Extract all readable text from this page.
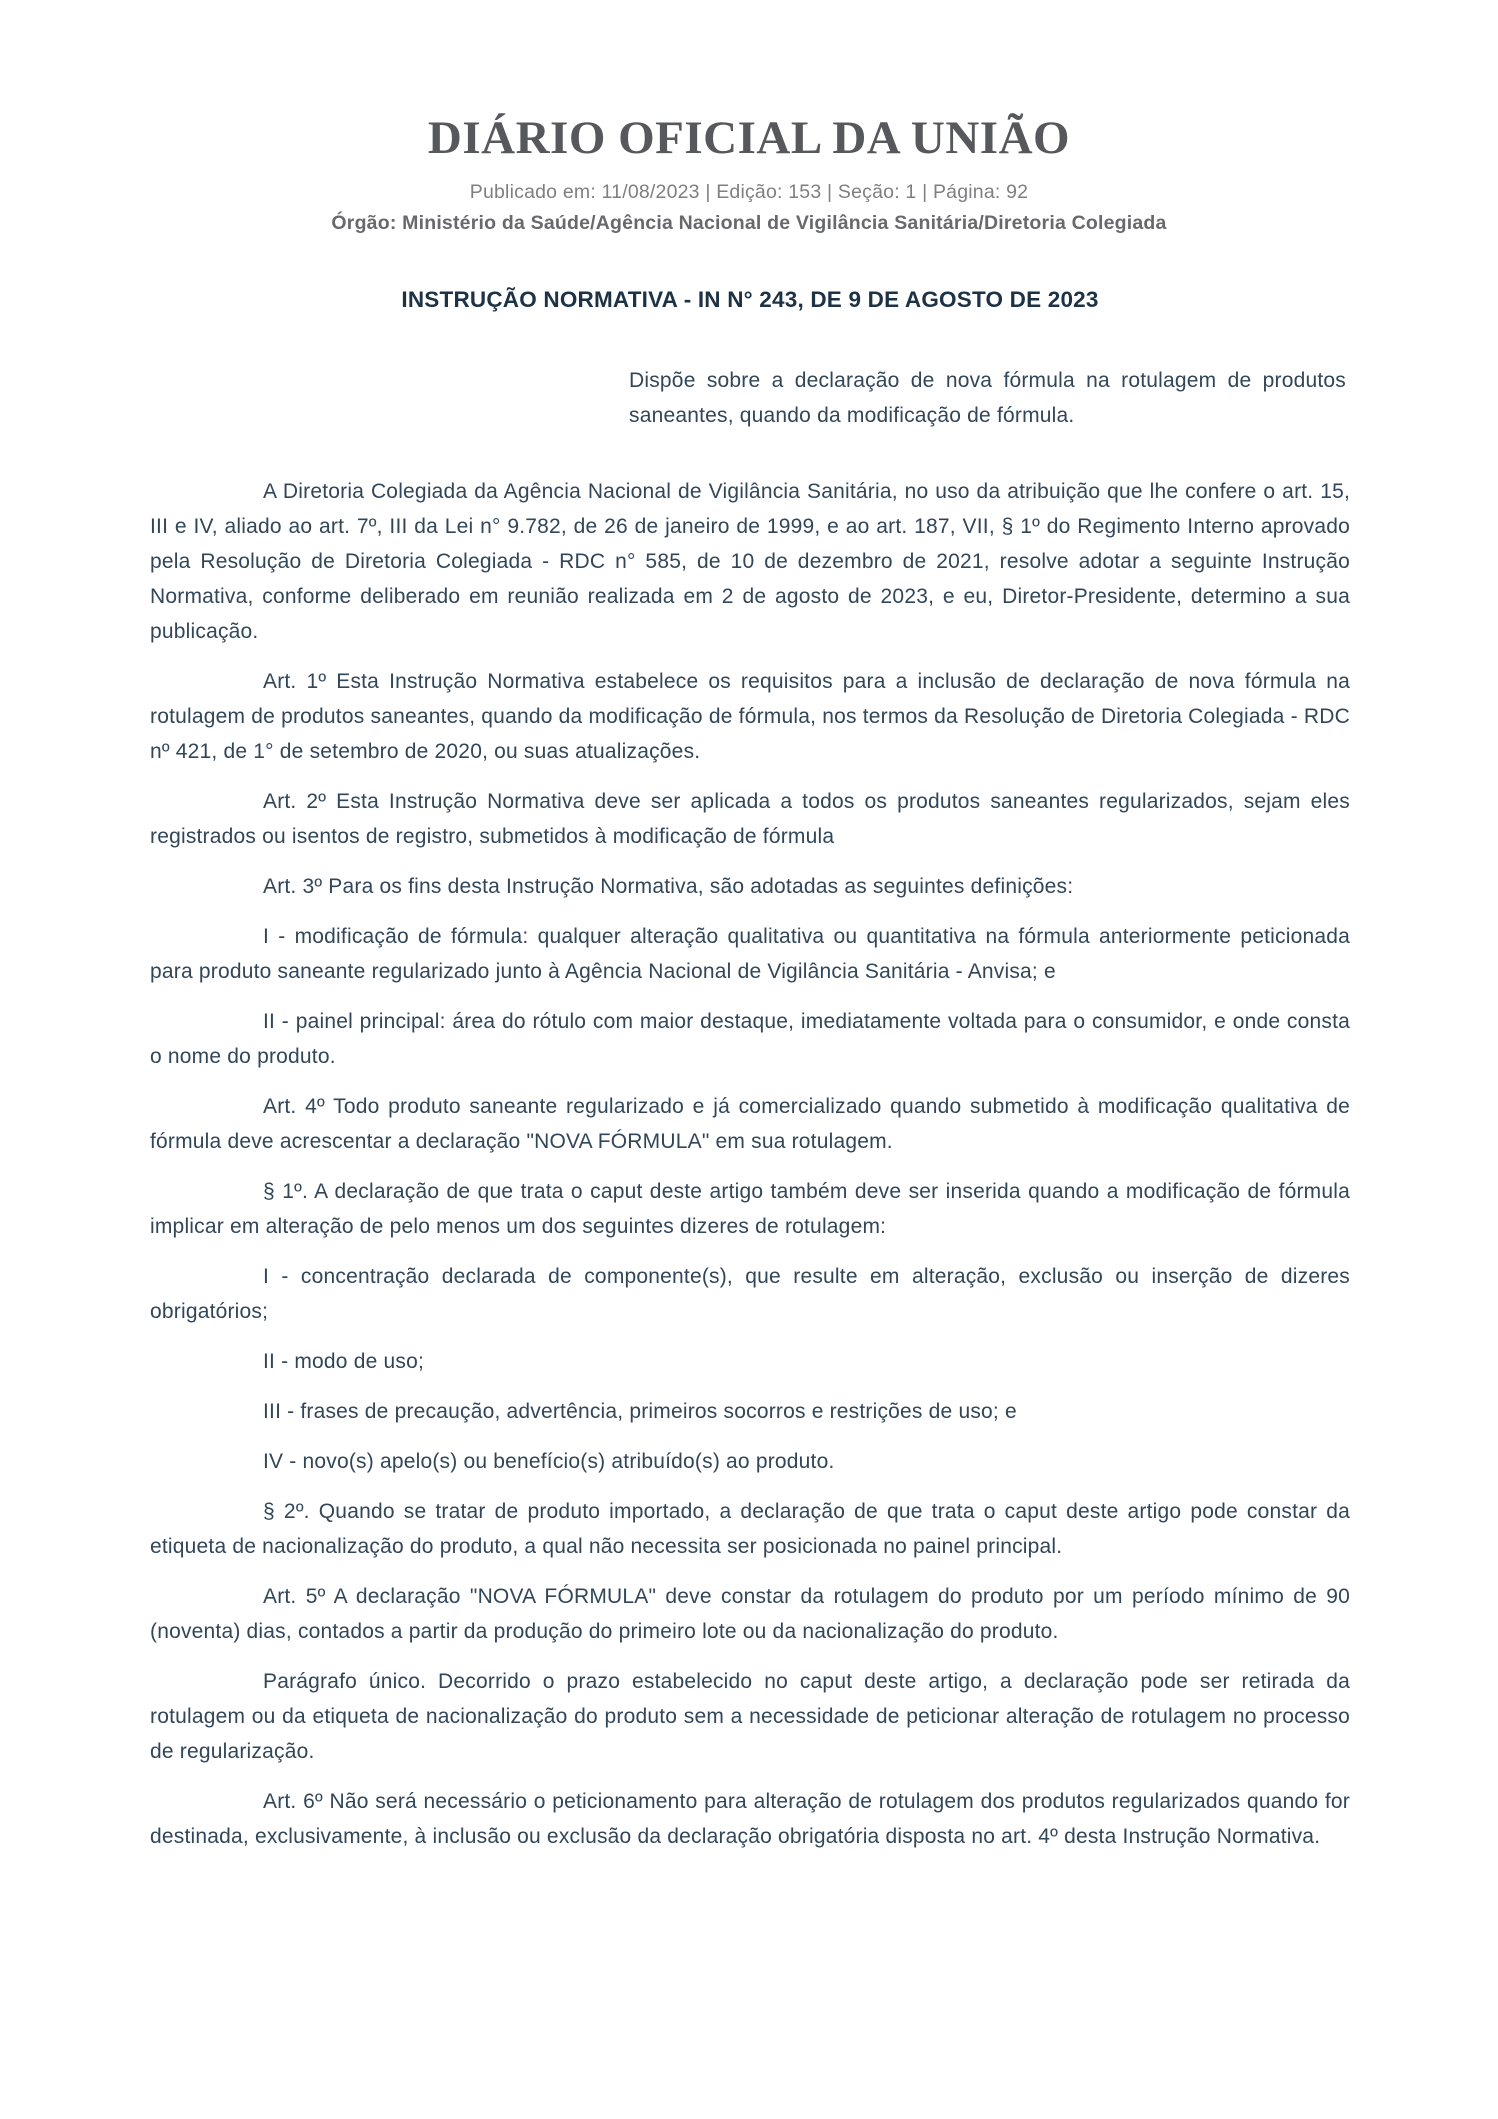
DIÁRIO OFICIAL DA UNIÃO
Publicado em: 11/08/2023 | Edição: 153 | Seção: 1 | Página: 92
Órgão: Ministério da Saúde/Agência Nacional de Vigilância Sanitária/Diretoria Colegiada
INSTRUÇÃO NORMATIVA - IN N° 243, DE 9 DE AGOSTO DE 2023

Dispõe sobre a declaração de nova fórmula na rotulagem de produtos saneantes, quando da modificação de fórmula.

A Diretoria Colegiada da Agência Nacional de Vigilância Sanitária, no uso da atribuição que lhe confere o art. 15, III e IV, aliado ao art. 7º, III da Lei n° 9.782, de 26 de janeiro de 1999, e ao art. 187, VII, § 1º do Regimento Interno aprovado pela Resolução de Diretoria Colegiada - RDC n° 585, de 10 de dezembro de 2021, resolve adotar a seguinte Instrução Normativa, conforme deliberado em reunião realizada em 2 de agosto de 2023, e eu, Diretor-Presidente, determino a sua publicação.

Art. 1º Esta Instrução Normativa estabelece os requisitos para a inclusão de declaração de nova fórmula na rotulagem de produtos saneantes, quando da modificação de fórmula, nos termos da Resolução de Diretoria Colegiada - RDC nº 421, de 1° de setembro de 2020, ou suas atualizações.

Art. 2º Esta Instrução Normativa deve ser aplicada a todos os produtos saneantes regularizados, sejam eles registrados ou isentos de registro, submetidos à modificação de fórmula

Art. 3º Para os fins desta Instrução Normativa, são adotadas as seguintes definições:

I - modificação de fórmula: qualquer alteração qualitativa ou quantitativa na fórmula anteriormente peticionada para produto saneante regularizado junto à Agência Nacional de Vigilância Sanitária - Anvisa; e

II - painel principal: área do rótulo com maior destaque, imediatamente voltada para o consumidor, e onde consta o nome do produto.

Art. 4º Todo produto saneante regularizado e já comercializado quando submetido à modificação qualitativa de fórmula deve acrescentar a declaração "NOVA FÓRMULA" em sua rotulagem.

§ 1º. A declaração de que trata o caput deste artigo também deve ser inserida quando a modificação de fórmula implicar em alteração de pelo menos um dos seguintes dizeres de rotulagem:

I - concentração declarada de componente(s), que resulte em alteração, exclusão ou inserção de dizeres obrigatórios;

II - modo de uso;

III - frases de precaução, advertência, primeiros socorros e restrições de uso; e

IV - novo(s) apelo(s) ou benefício(s) atribuído(s) ao produto.

§ 2º. Quando se tratar de produto importado, a declaração de que trata o caput deste artigo pode constar da etiqueta de nacionalização do produto, a qual não necessita ser posicionada no painel principal.

Art. 5º A declaração "NOVA FÓRMULA" deve constar da rotulagem do produto por um período mínimo de 90 (noventa) dias, contados a partir da produção do primeiro lote ou da nacionalização do produto.

Parágrafo único. Decorrido o prazo estabelecido no caput deste artigo, a declaração pode ser retirada da rotulagem ou da etiqueta de nacionalização do produto sem a necessidade de peticionar alteração de rotulagem no processo de regularização.

Art. 6º Não será necessário o peticionamento para alteração de rotulagem dos produtos regularizados quando for destinada, exclusivamente, à inclusão ou exclusão da declaração obrigatória disposta no art. 4º desta Instrução Normativa.
